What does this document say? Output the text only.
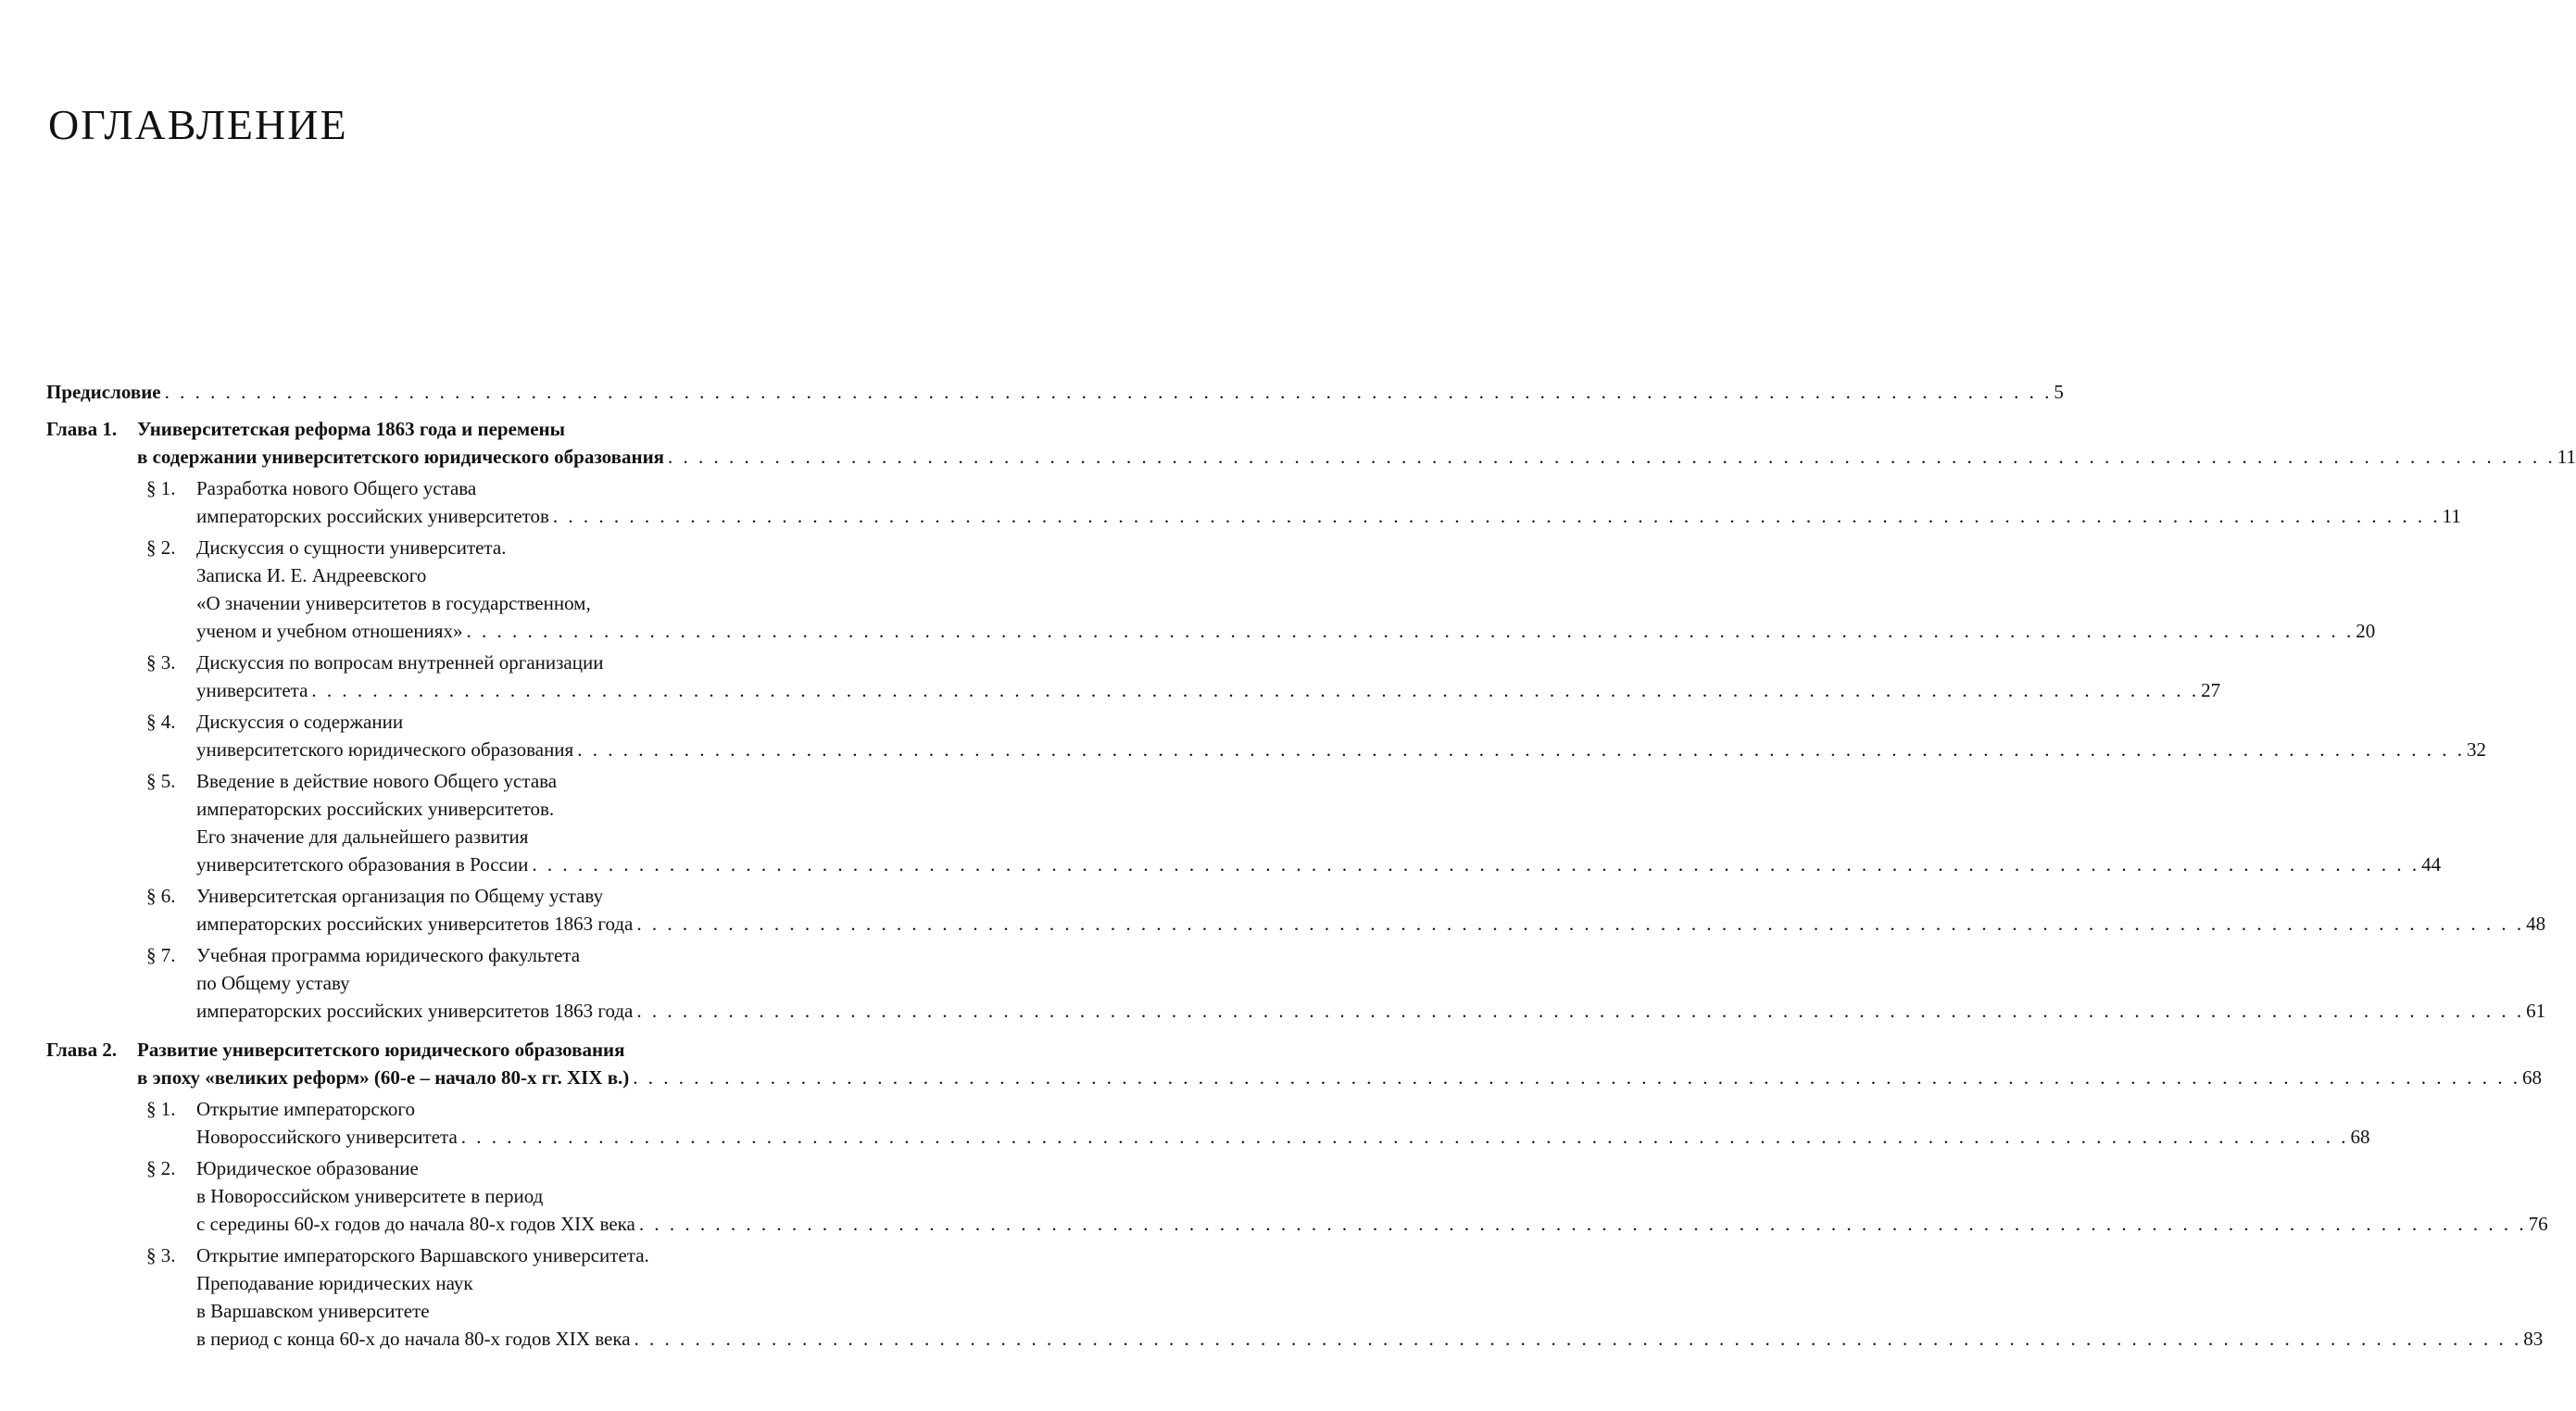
ОГЛАВЛЕНИЕ
Предисловие . . .	5
Глава 1.	Университетская реформа 1863 года и перемены
в содержании университетского юридического образования . . .	11
§ 1.	Разработка нового Общего устава
императорских российских университетов . . .	11
§ 2.	Дискуссия о сущности университета.
Записка И. Е. Андреевского
«О значении университетов в государственном,
ученом и учебном отношениях» . . .	20
§ 3.	Дискуссия по вопросам внутренней организации
университета . . .	27
§ 4.	Дискуссия о содержании
университетского юридического образования . . .	32
§ 5.	Введение в действие нового Общего устава
императорских российских университетов.
Его значение для дальнейшего развития
университетского образования в России . . .	44
§ 6.	Университетская организация по Общему уставу
императорских российских университетов 1863 года . . .	48
§ 7.	Учебная программа юридического факультета
по Общему уставу
императорских российских университетов 1863 года . . .	61
Глава 2.	Развитие университетского юридического образования
в эпоху «великих реформ» (60-е – начало 80-х гг. XIX в.) . . .	68
§ 1.	Открытие императорского
Новороссийского университета . . .	68
§ 2.	Юридическое образование
в Новороссийском университете в период
с середины 60-х годов до начала 80-х годов XIX века . . .	76
§ 3.	Открытие императорского Варшавского университета.
Преподавание юридических наук
в Варшавском университете
в период с конца 60-х до начала 80-х годов XIX века . . .	83
